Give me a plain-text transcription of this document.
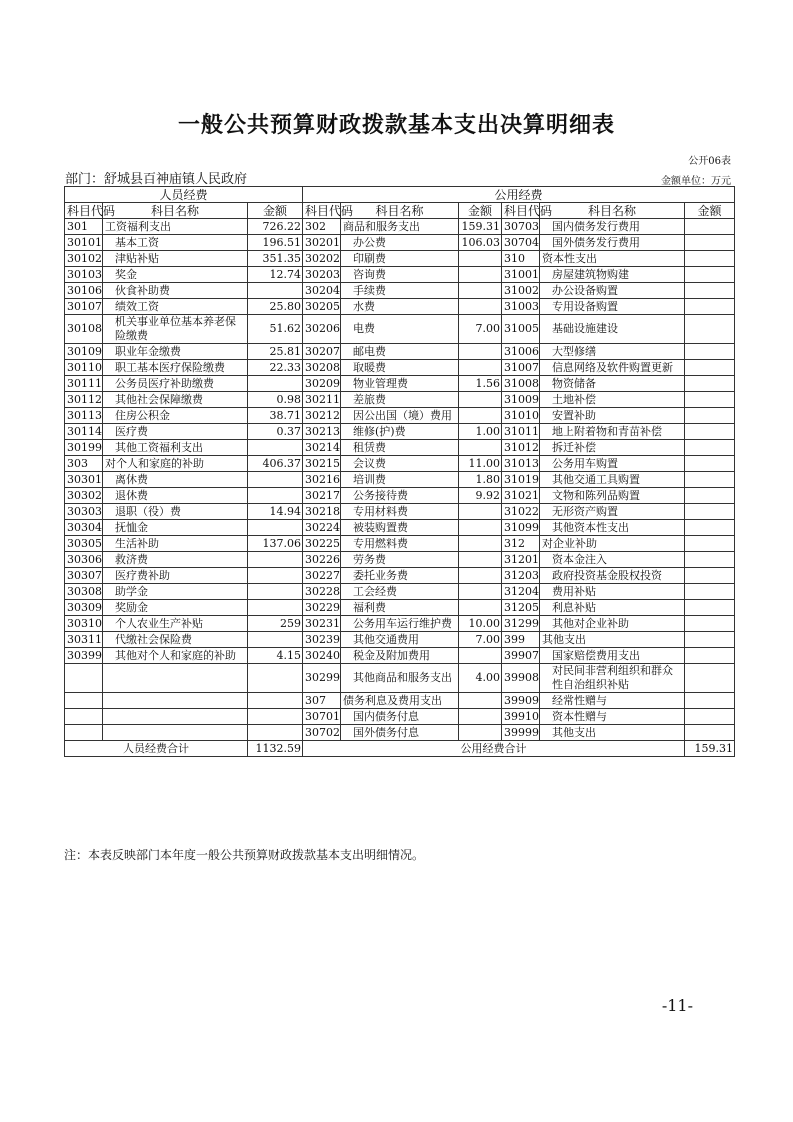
一般公共预算财政拨款基本支出决算明细表
公开06表
部门：舒城县百神庙镇人民政府	金额单位：万元
人员经费			公用经费					
科目代码	科目名称	金额	科目代码	科目名称	金额	科目代码	科目名称	金额
301	工资福利支出	726.22	302	商品和服务支出	159.31	30703	国内债务发行费用	
30101	基本工资	196.51	30201	办公费	106.03	30704	国外债务发行费用	
30102	津贴补贴	351.35	30202	印刷费		310	资本性支出	
30103	奖金	12.74	30203	咨询费		31001	房屋建筑物购建	
30106	伙食补助费		30204	手续费		31002	办公设备购置	
30107	绩效工资	25.80	30205	水费		31003	专用设备购置	
30108	机关事业单位基本养老保险缴费	51.62	30206	电费	7.00	31005	基础设施建设	
30109	职业年金缴费	25.81	30207	邮电费		31006	大型修缮	
30110	职工基本医疗保险缴费	22.33	30208	取暖费		31007	信息网络及软件购置更新	
30111	公务员医疗补助缴费		30209	物业管理费	1.56	31008	物资储备	
30112	其他社会保障缴费	0.98	30211	差旅费		31009	土地补偿	
30113	住房公积金	38.71	30212	因公出国（境）费用		31010	安置补助	
30114	医疗费	0.37	30213	维修(护)费	1.00	31011	地上附着物和青苗补偿	
30199	其他工资福利支出		30214	租赁费		31012	拆迁补偿	
303	对个人和家庭的补助	406.37	30215	会议费	11.00	31013	公务用车购置	
30301	离休费		30216	培训费	1.80	31019	其他交通工具购置	
30302	退休费		30217	公务接待费	9.92	31021	文物和陈列品购置	
30303	退职（役）费	14.94	30218	专用材料费		31022	无形资产购置	
30304	抚恤金		30224	被装购置费		31099	其他资本性支出	
30305	生活补助	137.06	30225	专用燃料费		312	对企业补助	
30306	救济费		30226	劳务费		31201	资本金注入	
30307	医疗费补助		30227	委托业务费		31203	政府投资基金股权投资	
30308	助学金		30228	工会经费		31204	费用补贴	
30309	奖励金		30229	福利费		31205	利息补贴	
30310	个人农业生产补贴	259	30231	公务用车运行维护费	10.00	31299	其他对企业补助	
30311	代缴社会保险费		30239	其他交通费用	7.00	399	其他支出	
30399	其他对个人和家庭的补助	4.15	30240	税金及附加费用		39907	国家赔偿费用支出	
			30299	其他商品和服务支出	4.00	39908	对民间非营利组织和群众性自治组织补贴	
			307	债务利息及费用支出		39909	经常性赠与	
			30701	国内债务付息		39910	资本性赠与	
			30702	国外债务付息		39999	其他支出	
人员经费合计		1132.59	公用经费合计					159.31
注：本表反映部门本年度一般公共预算财政拨款基本支出明细情况。
-11-
